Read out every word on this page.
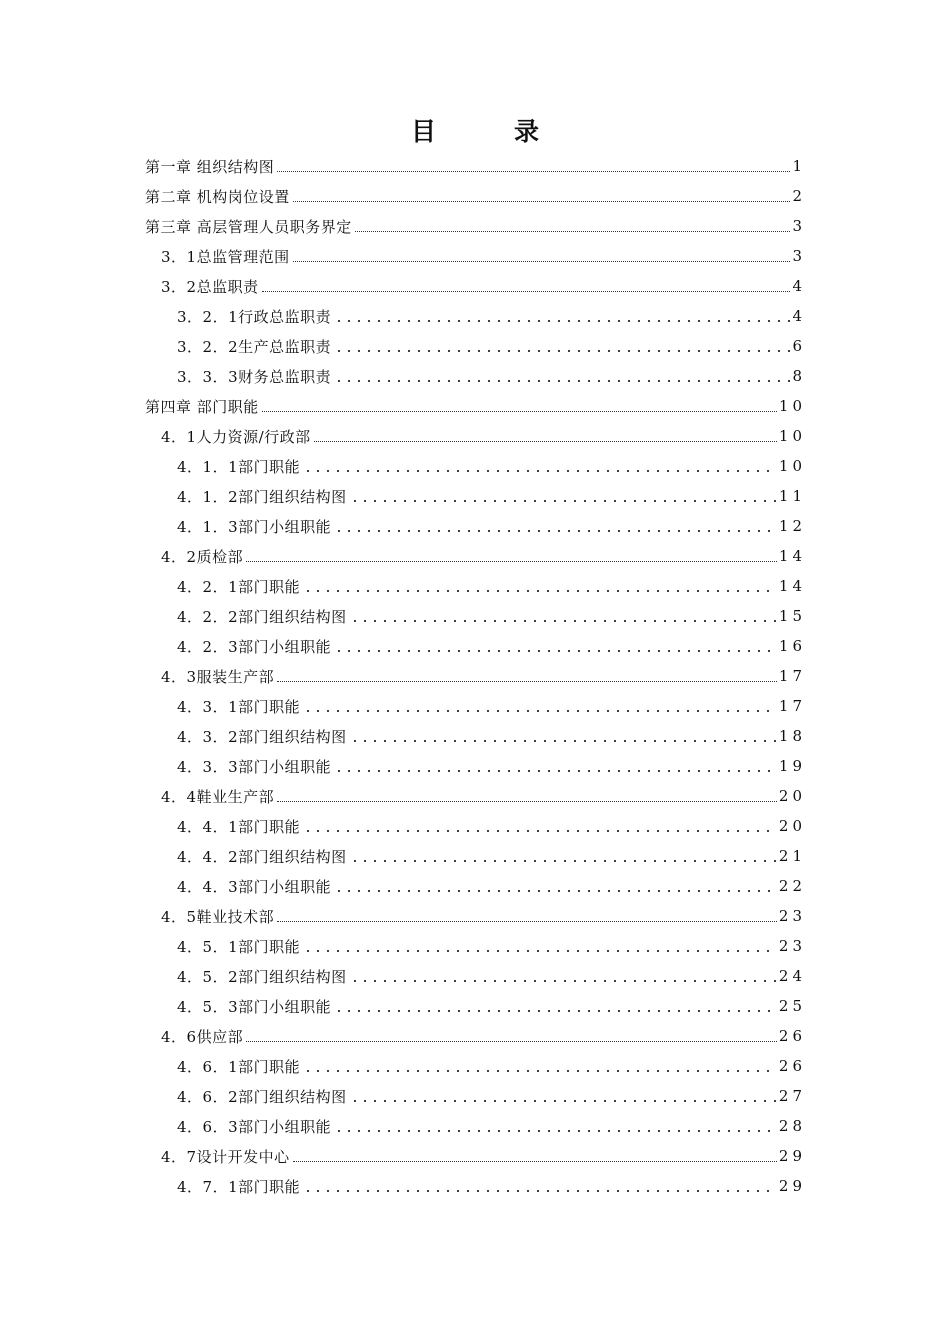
目	录
第一章 组织结构图	1
第二章 机构岗位设置	2
第三章 高层管理人员职务界定	3
3．1总监管理范围	3
3．2总监职责	4
3．2．1行政总监职责	4
3．2．2生产总监职责	6
3．3．3财务总监职责	8
第四章 部门职能	10
4．1人力资源/行政部	10
4．1．1部门职能	10
4．1．2部门组织结构图	11
4．1．3部门小组职能	12
4．2质检部	14
4．2．1部门职能	14
4．2．2部门组织结构图	15
4．2．3部门小组职能	16
4．3服装生产部	17
4．3．1部门职能	17
4．3．2部门组织结构图	18
4．3．3部门小组职能	19
4．4鞋业生产部	20
4．4．1部门职能	20
4．4．2部门组织结构图	21
4．4．3部门小组职能	22
4．5鞋业技术部	23
4．5．1部门职能	23
4．5．2部门组织结构图	24
4．5．3部门小组职能	25
4．6供应部	26
4．6．1部门职能	26
4．6．2部门组织结构图	27
4．6．3部门小组职能	28
4．7设计开发中心	29
4．7．1部门职能	29
